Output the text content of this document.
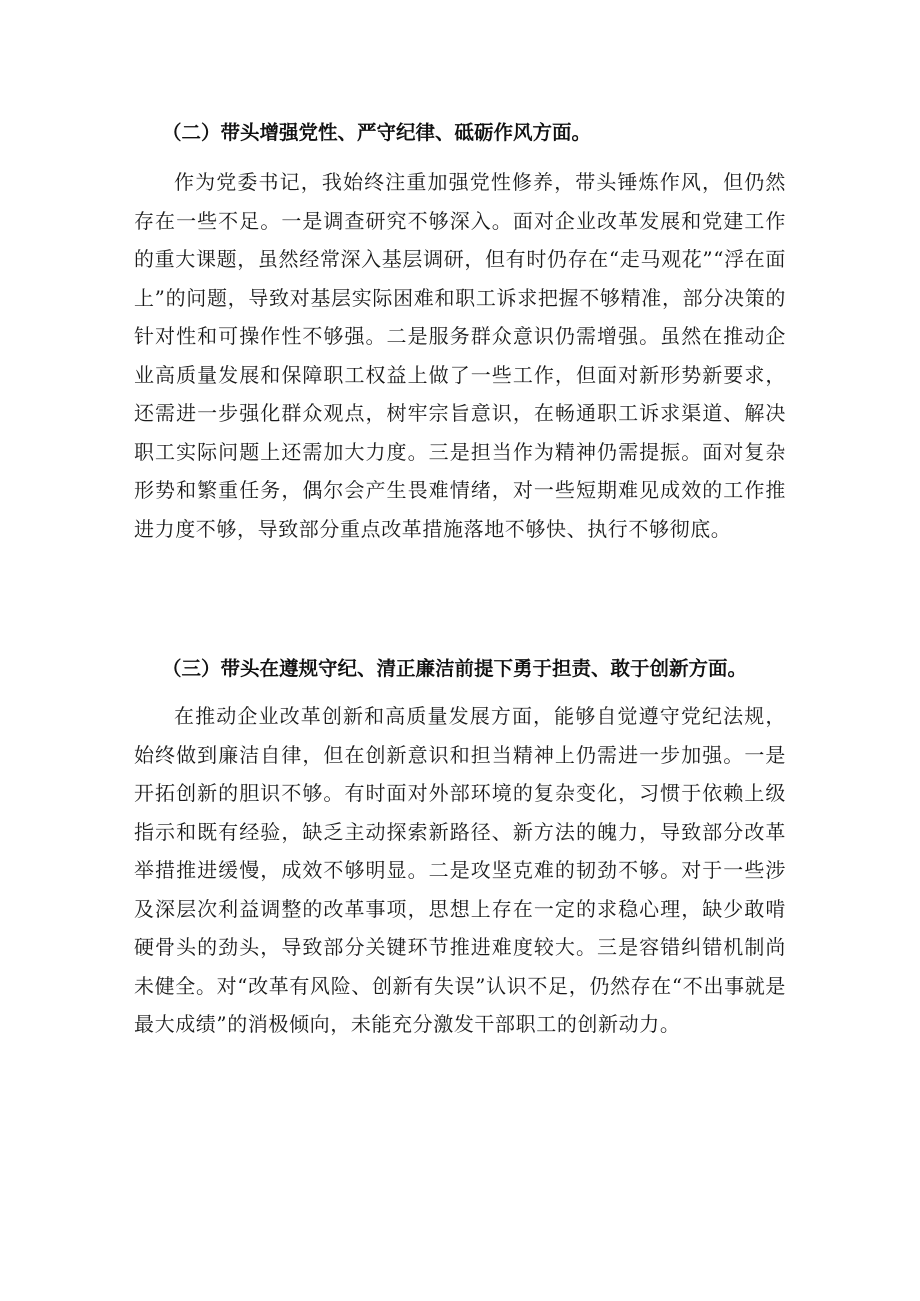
（二）带头增强党性、严守纪律、砥砺作风方面。

作为党委书记，我始终注重加强党性修养，带头锤炼作风，但仍然存在一些不足。一是调查研究不够深入。面对企业改革发展和党建工作的重大课题，虽然经常深入基层调研，但有时仍存在“走马观花”“浮在面上”的问题，导致对基层实际困难和职工诉求把握不够精准，部分决策的针对性和可操作性不够强。二是服务群众意识仍需增强。虽然在推动企业高质量发展和保障职工权益上做了一些工作，但面对新形势新要求，还需进一步强化群众观点，树牢宗旨意识，在畅通职工诉求渠道、解决职工实际问题上还需加大力度。三是担当作为精神仍需提振。面对复杂形势和繁重任务，偶尔会产生畏难情绪，对一些短期难见成效的工作推进力度不够，导致部分重点改革措施落地不够快、执行不够彻底。

（三）带头在遵规守纪、清正廉洁前提下勇于担责、敢于创新方面。

在推动企业改革创新和高质量发展方面，能够自觉遵守党纪法规，始终做到廉洁自律，但在创新意识和担当精神上仍需进一步加强。一是开拓创新的胆识不够。有时面对外部环境的复杂变化，习惯于依赖上级指示和既有经验，缺乏主动探索新路径、新方法的魄力，导致部分改革举措推进缓慢，成效不够明显。二是攻坚克难的韧劲不够。对于一些涉及深层次利益调整的改革事项，思想上存在一定的求稳心理，缺少敢啃硬骨头的劲头，导致部分关键环节推进难度较大。三是容错纠错机制尚未健全。对“改革有风险、创新有失误”认识不足，仍然存在“不出事就是最大成绩”的消极倾向，未能充分激发干部职工的创新动力。
